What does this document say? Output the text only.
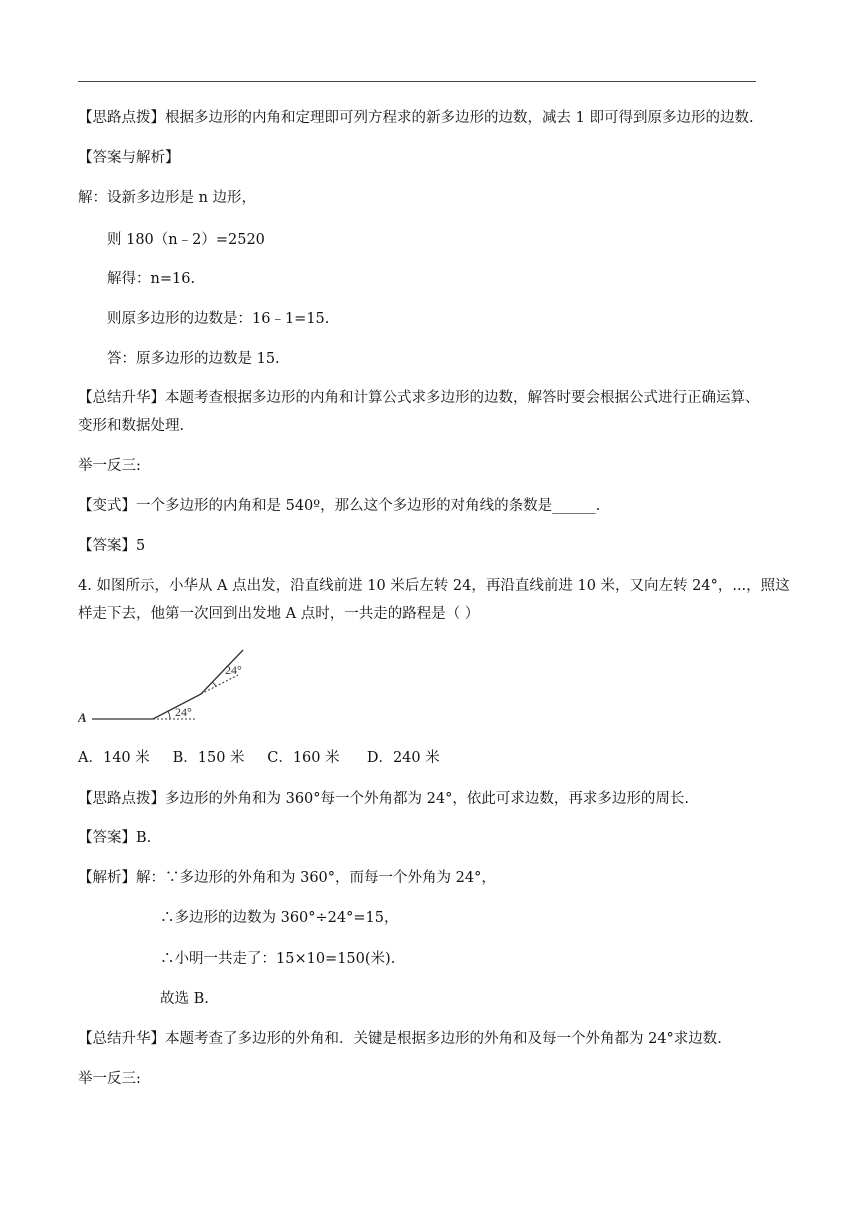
【思路点拨】根据多边形的内角和定理即可列方程求的新多边形的边数，减去 1 即可得到原多边形的边数.
【答案与解析】
解：设新多边形是 n 边形，
则 180（n﹣2）=2520
解得：n=16.
则原多边形的边数是：16﹣1=15.
答：原多边形的边数是 15.
【总结升华】本题考查根据多边形的内角和计算公式求多边形的边数，解答时要会根据公式进行正确运算、
变形和数据处理.
举一反三:
【变式】一个多边形的内角和是 540º，那么这个多边形的对角线的条数是______.
【答案】5
4. 如图所示，小华从 A 点出发，沿直线前进 10 米后左转 24，再沿直线前进 10 米，又向左转 24°，...，照这
样走下去，他第一次回到出发地 A 点时，一共走的路程是（ ）
A	24°
24°
A．140 米 B．150 米 C．160 米 D．240 米
【思路点拨】多边形的外角和为 360°每一个外角都为 24°，依此可求边数，再求多边形的周长.
【答案】B.
【解析】解：∵多边形的外角和为 360°，而每一个外角为 24°，
∴多边形的边数为 360°÷24°=15，
∴小明一共走了：15×10=150(米).
故选 B.
【总结升华】本题考查了多边形的外角和．关键是根据多边形的外角和及每一个外角都为 24°求边数.
举一反三:
